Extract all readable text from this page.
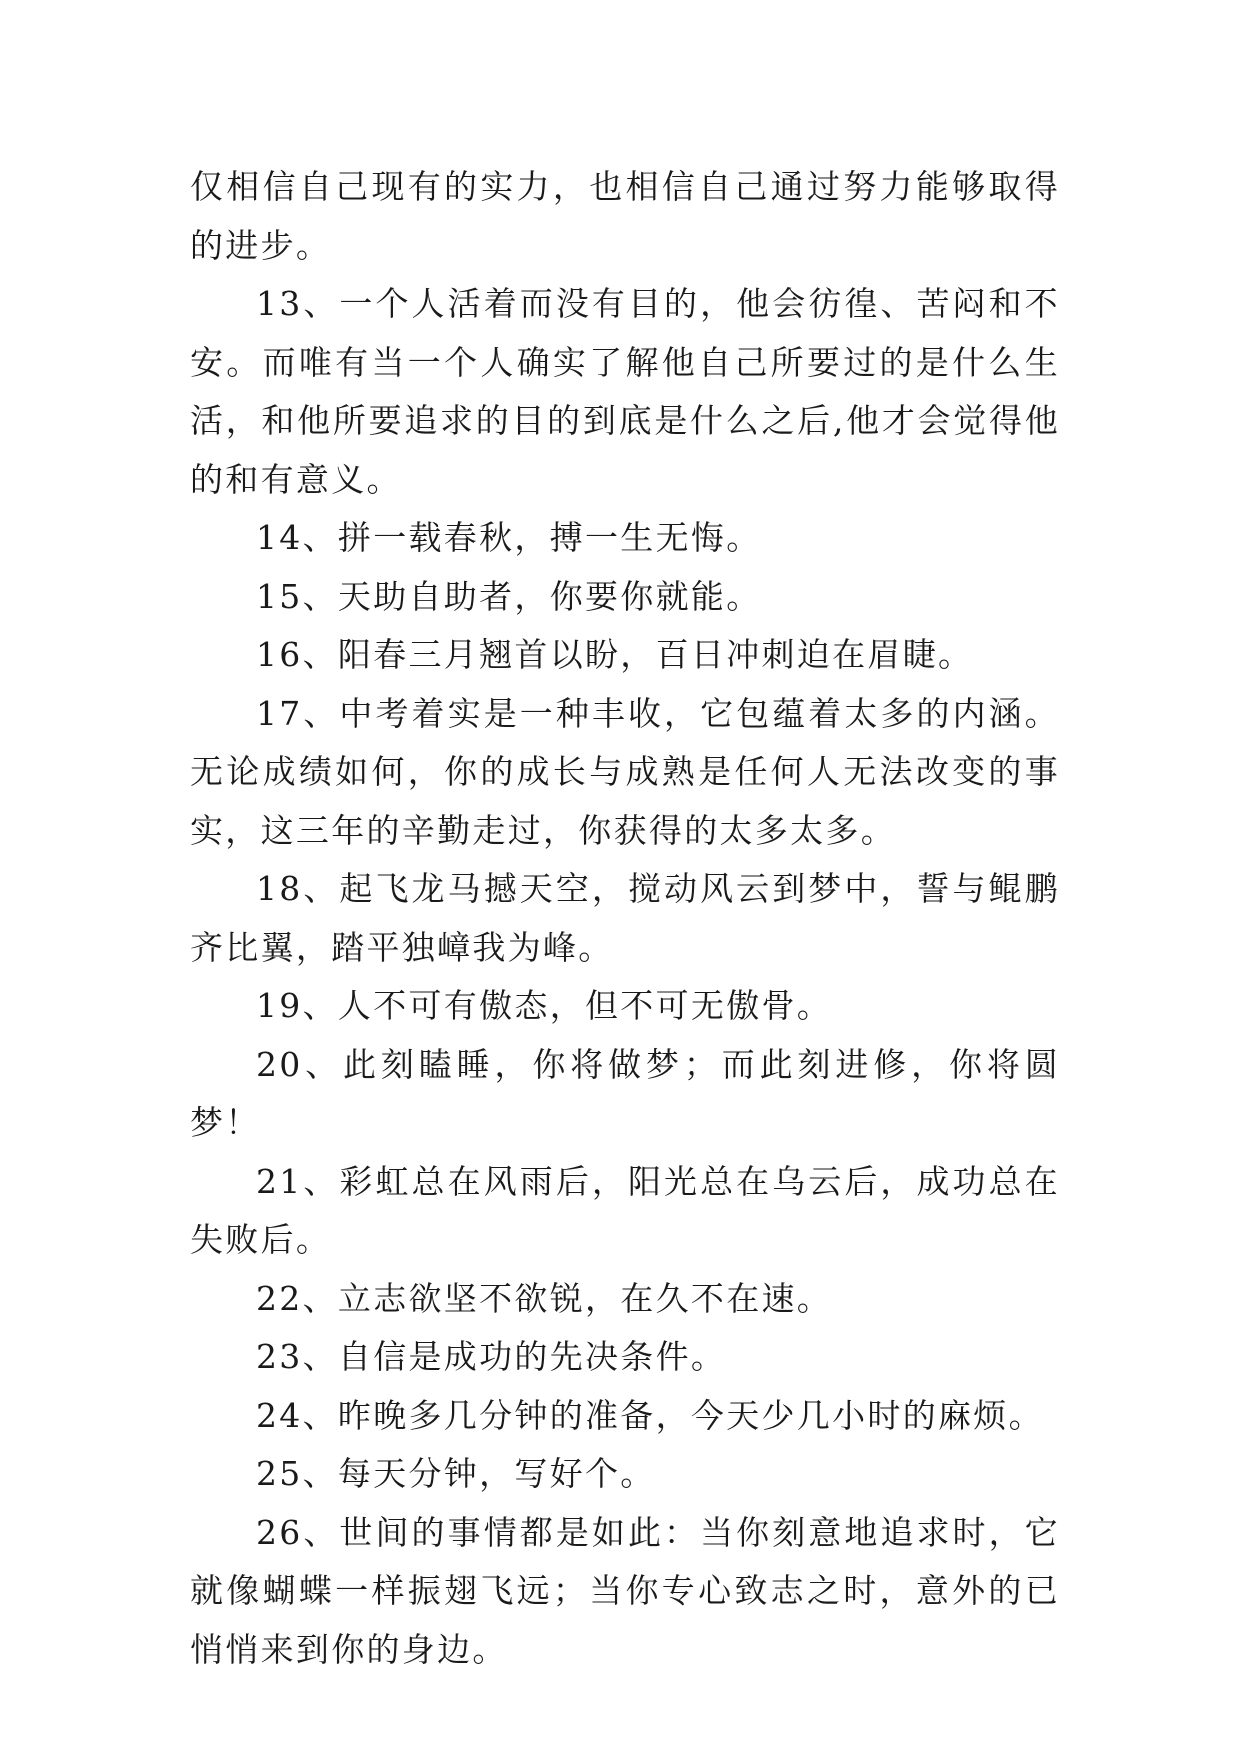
仅相信自己现有的实力，也相信自己通过努力能够取得的进步。

13、一个人活着而没有目的，他会彷徨、苦闷和不安。而唯有当一个人确实了解他自己所要过的是什么生活，和他所要追求的目的到底是什么之后,他才会觉得他的和有意义。

14、拼一载春秋，搏一生无悔。

15、天助自助者，你要你就能。

16、阳春三月翘首以盼，百日冲刺迫在眉睫。

17、中考着实是一种丰收，它包蕴着太多的内涵。无论成绩如何，你的成长与成熟是任何人无法改变的事实，这三年的辛勤走过，你获得的太多太多。

18、起飞龙马撼天空，搅动风云到梦中，誓与鲲鹏齐比翼，踏平独嶂我为峰。

19、人不可有傲态，但不可无傲骨。

20、此刻瞌睡，你将做梦；而此刻进修，你将圆梦！

21、彩虹总在风雨后，阳光总在乌云后，成功总在失败后。

22、立志欲坚不欲锐，在久不在速。

23、自信是成功的先决条件。

24、昨晚多几分钟的准备，今天少几小时的麻烦。

25、每天分钟，写好个。

26、世间的事情都是如此：当你刻意地追求时，它就像蝴蝶一样振翅飞远；当你专心致志之时，意外的已悄悄来到你的身边。
